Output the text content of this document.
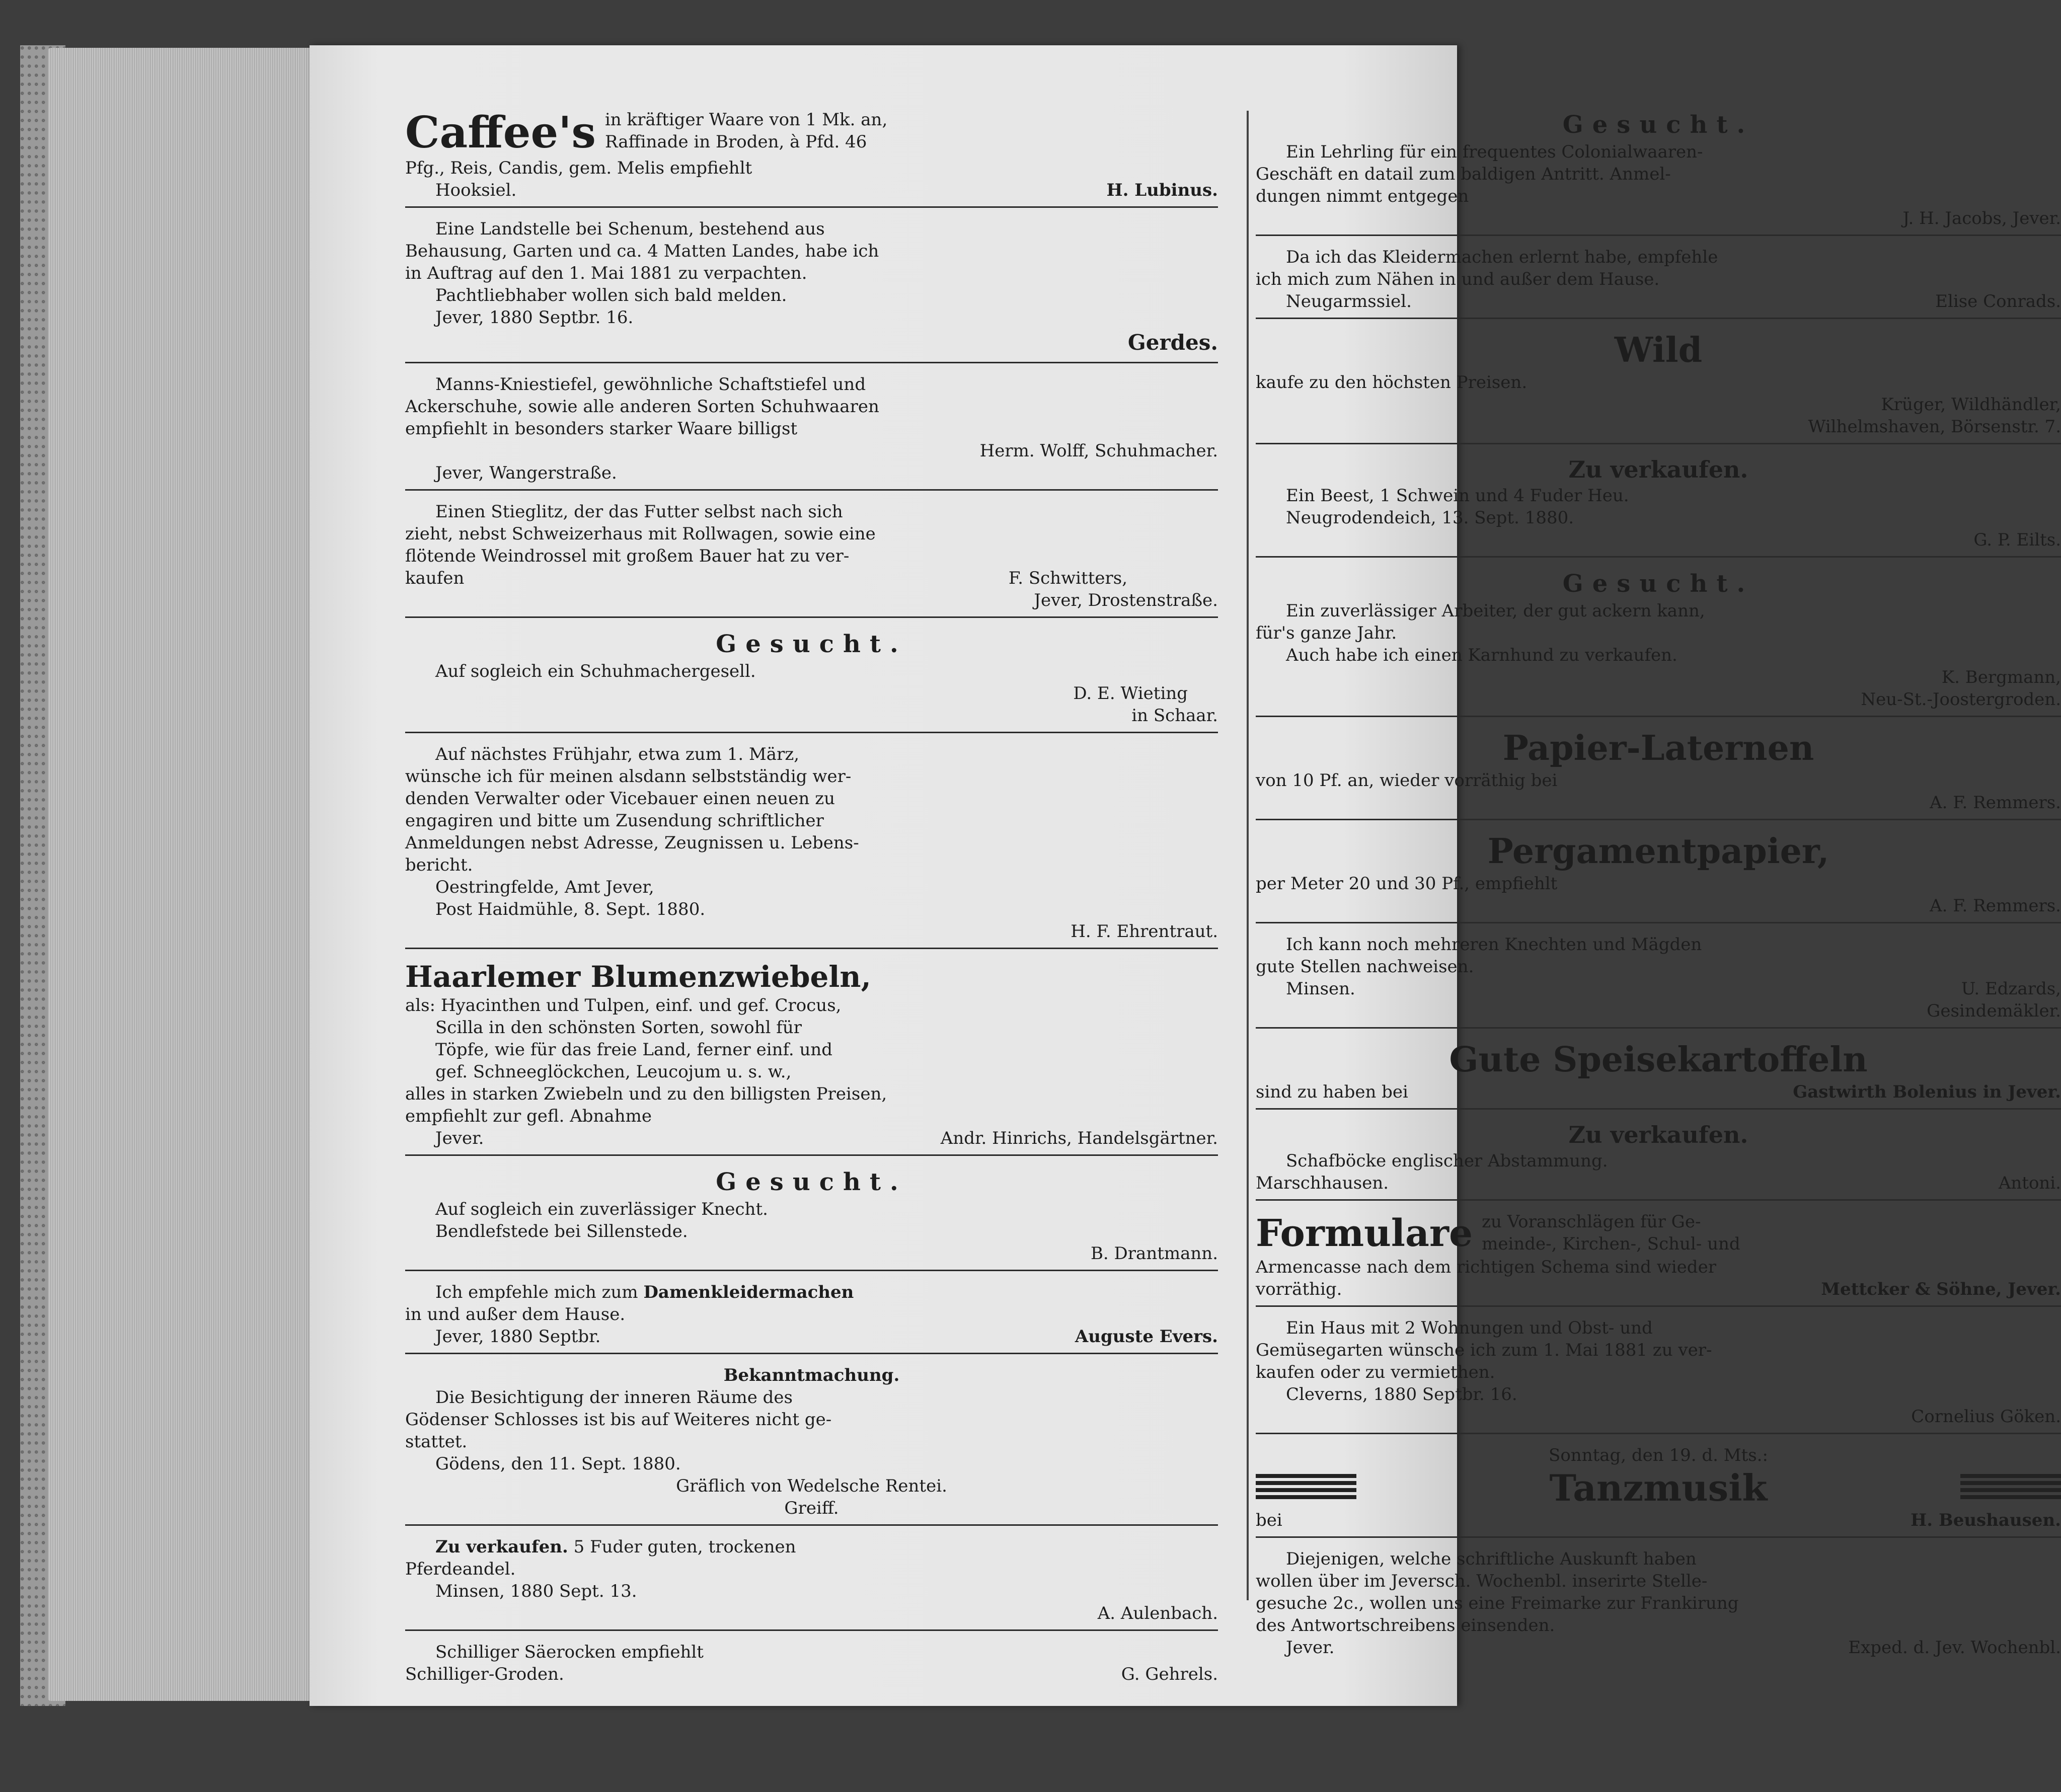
Caffee's in kräftiger Waare von 1 Mk. an,
Raffinade in Broden, à Pfd. 46
Pfg., Reis, Candis, gem. Melis empfiehlt
Hooksiel.	H. Lubinus.
Eine Landstelle bei Schenum, bestehend aus
Behausung, Garten und ca. 4 Matten Landes, habe ich
in Auftrag auf den 1. Mai 1881 zu verpachten.
Pachtliebhaber wollen sich bald melden.
Jever, 1880 Septbr. 16.
Gerdes.
Manns-Kniestiefel, gewöhnliche Schaftstiefel und
Ackerschuhe, sowie alle anderen Sorten Schuhwaaren
empfiehlt in besonders starker Waare billigst
Herm. Wolff, Schuhmacher.
Jever, Wangerstraße.
Einen Stieglitz, der das Futter selbst nach sich
zieht, nebst Schweizerhaus mit Rollwagen, sowie eine
flötende Weindrossel mit großem Bauer hat zu ver-
kaufen	F. Schwitters,
Jever, Drostenstraße.
Gesucht.
Auf sogleich ein Schuhmachergesell.
D. E. Wieting
in Schaar.
Auf nächstes Frühjahr, etwa zum 1. März,
wünsche ich für meinen alsdann selbstständig wer-
denden Verwalter oder Vicebauer einen neuen zu
engagiren und bitte um Zusendung schriftlicher
Anmeldungen nebst Adresse, Zeugnissen u. Lebens-
bericht.
Oestringfelde, Amt Jever,
Post Haidmühle, 8. Sept. 1880.
H. F. Ehrentraut.
Haarlemer Blumenzwiebeln,
als: Hyacinthen und Tulpen, einf. und gef. Crocus,
Scilla in den schönsten Sorten, sowohl für
Töpfe, wie für das freie Land, ferner einf. und
gef. Schneeglöckchen, Leucojum u. s. w.,
alles in starken Zwiebeln und zu den billigsten Preisen,
empfiehlt zur gefl. Abnahme
Jever.	Andr. Hinrichs, Handelsgärtner.
Gesucht.
Auf sogleich ein zuverlässiger Knecht.
Bendlefstede bei Sillenstede.
B. Drantmann.
Ich empfehle mich zum Damenkleidermachen
in und außer dem Hause.
Jever, 1880 Septbr.	Auguste Evers.
Bekanntmachung.
Die Besichtigung der inneren Räume des
Gödenser Schlosses ist bis auf Weiteres nicht ge-
stattet.
Gödens, den 11. Sept. 1880.
Gräflich von Wedelsche Rentei.
Greiff.
Zu verkaufen. 5 Fuder guten, trockenen
Pferdeandel.
Minsen, 1880 Sept. 13.
A. Aulenbach.
Schilliger Säerocken empfiehlt
Schilliger-Groden.	G. Gehrels.
Gesucht.
Ein Lehrling für ein frequentes Colonialwaaren-
Geschäft en datail zum baldigen Antritt. Anmel-
dungen nimmt entgegen
J. H. Jacobs, Jever.
Da ich das Kleidermachen erlernt habe, empfehle
ich mich zum Nähen in und außer dem Hause.
Neugarmssiel.	Elise Conrads.
Wild
kaufe zu den höchsten Preisen.
Krüger, Wildhändler,
Wilhelmshaven, Börsenstr. 7.
Zu verkaufen.
Ein Beest, 1 Schwein und 4 Fuder Heu.
Neugrodendeich, 13. Sept. 1880.
G. P. Eilts.
Gesucht.
Ein zuverlässiger Arbeiter, der gut ackern kann,
für's ganze Jahr.
Auch habe ich einen Karnhund zu verkaufen.
K. Bergmann,
Neu-St.-Joostergroden.
Papier-Laternen
von 10 Pf. an, wieder vorräthig bei
A. F. Remmers.
Pergamentpapier,
per Meter 20 und 30 Pf., empfiehlt
A. F. Remmers.
Ich kann noch mehreren Knechten und Mägden
gute Stellen nachweisen.
Minsen.	U. Edzards,
Gesindemäkler.
Gute Speisekartoffeln
sind zu haben bei	Gastwirth Bolenius in Jever.
Zu verkaufen.
Schafböcke englischer Abstammung.
Marschhausen.	Antoni.
Formulare zu Voranschlägen für Ge-
meinde-, Kirchen-, Schul- und
Armencasse nach dem richtigen Schema sind wieder
vorräthig.	Mettcker & Söhne, Jever.
Ein Haus mit 2 Wohnungen und Obst- und
Gemüsegarten wünsche ich zum 1. Mai 1881 zu ver-
kaufen oder zu vermiethen.
Cleverns, 1880 Septbr. 16.
Cornelius Göken.
Sonntag, den 19. d. Mts.:
Tanzmusik
bei	H. Beushausen.
Diejenigen, welche schriftliche Auskunft haben
wollen über im Jeversch. Wochenbl. inserirte Stelle-
gesuche 2c., wollen uns eine Freimarke zur Frankirung
des Antwortschreibens einsenden.
Jever.	Exped. d. Jev. Wochenbl.
